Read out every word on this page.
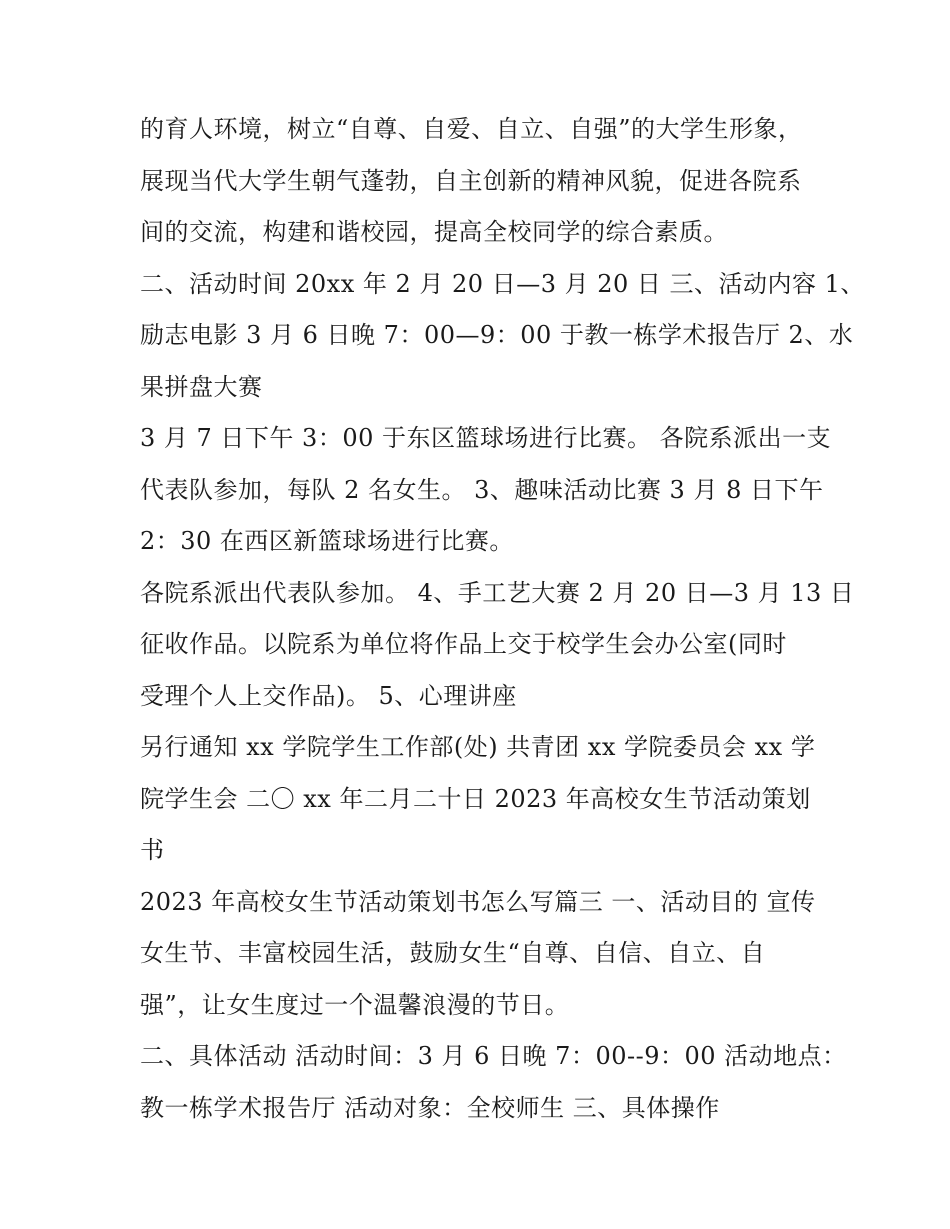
的育人环境，树立“自尊、自爱、自立、自强”的大学生形象，
展现当代大学生朝气蓬勃，自主创新的精神风貌，促进各院系
间的交流，构建和谐校园，提高全校同学的综合素质。
二、活动时间 20xx 年 2 月 20 日—3 月 20 日 三、活动内容 1、
励志电影 3 月 6 日晚 7：00—9：00 于教一栋学术报告厅 2、水
果拼盘大赛
3 月 7 日下午 3：00 于东区篮球场进行比赛。 各院系派出一支
代表队参加，每队 2 名女生。 3、趣味活动比赛 3 月 8 日下午
2：30 在西区新篮球场进行比赛。
各院系派出代表队参加。 4、手工艺大赛 2 月 20 日—3 月 13 日
征收作品。以院系为单位将作品上交于校学生会办公室(同时
受理个人上交作品)。 5、心理讲座
另行通知 xx 学院学生工作部(处) 共青团 xx 学院委员会 xx 学
院学生会 二〇 xx 年二月二十日 2023 年高校女生节活动策划
书
2023 年高校女生节活动策划书怎么写篇三 一、活动目的 宣传
女生节、丰富校园生活，鼓励女生“自尊、自信、自立、自
强”，让女生度过一个温馨浪漫的节日。
二、具体活动 活动时间：3 月 6 日晚 7：00--9：00 活动地点：
教一栋学术报告厅 活动对象：全校师生 三、具体操作
